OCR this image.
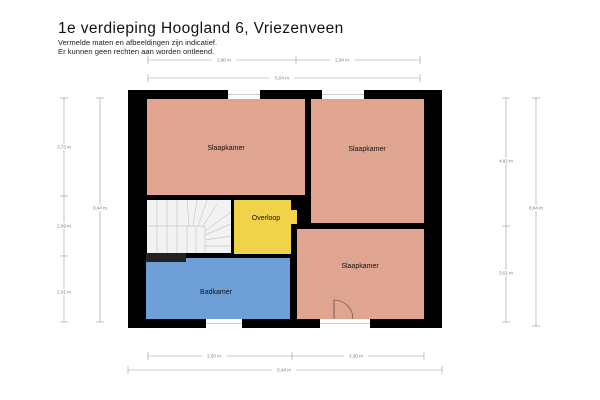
1e verdieping Hoogland 6, Vriezenveen
Vermelde maten en afbeeldingen zijn indicatief.
Er kunnen geen rechten aan worden ontleend.
2,90 m	2,04 m
5,04 m
3,73 m
2,09 m
2,01 m
8,44 m
4,82 m
3,51 m
8,04 m
2,50 m	2,30 m
5,44 m
Slaapkamer	Slaapkamer
Slaapkamer
Overloop
Badkamer
